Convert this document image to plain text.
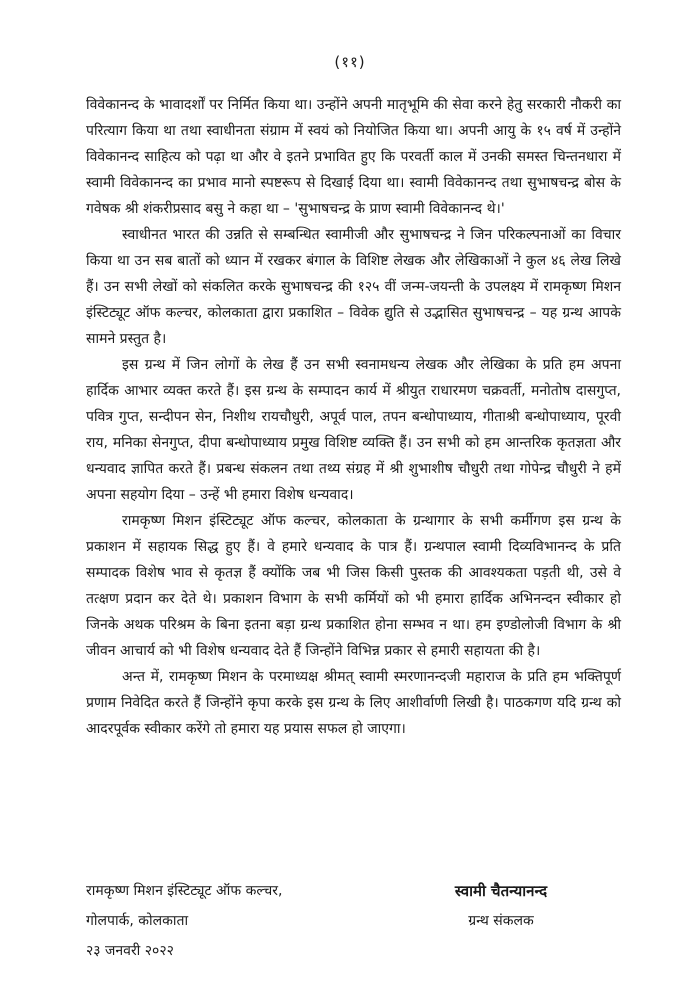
(११)

विवेकानन्द के भावादर्शों पर निर्मित किया था। उन्होंने अपनी मातृभूमि की सेवा करने हेतु सरकारी नौकरी का परित्याग किया था तथा स्वाधीनता संग्राम में स्वयं को नियोजित किया था। अपनी आयु के १५ वर्ष में उन्होंने विवेकानन्द साहित्य को पढ़ा था और वे इतने प्रभावित हुए कि परवर्ती काल में उनकी समस्त चिन्तनधारा में स्वामी विवेकानन्द का प्रभाव मानो स्पष्टरूप से दिखाई दिया था। स्वामी विवेकानन्द तथा सुभाषचन्द्र बोस के गवेषक श्री शंकरीप्रसाद बसु ने कहा था – 'सुभाषचन्द्र के प्राण स्वामी विवेकानन्द थे।'

स्वाधीनत भारत की उन्नति से सम्बन्धित स्वामीजी और सुभाषचन्द्र ने जिन परिकल्पनाओं का विचार किया था उन सब बातों को ध्यान में रखकर बंगाल के विशिष्ट लेखक और लेखिकाओं ने कुल ४६ लेख लिखे हैं। उन सभी लेखों को संकलित करके सुभाषचन्द्र की १२५ वीं जन्म-जयन्ती के उपलक्ष्य में रामकृष्ण मिशन इंस्टिट्यूट ऑफ कल्चर, कोलकाता द्वारा प्रकाशित – विवेक द्युति से उद्भासित सुभाषचन्द्र – यह ग्रन्थ आपके सामने प्रस्तुत है।

इस ग्रन्थ में जिन लोगों के लेख हैं उन सभी स्वनामधन्य लेखक और लेखिका के प्रति हम अपना हार्दिक आभार व्यक्त करते हैं। इस ग्रन्थ के सम्पादन कार्य में श्रीयुत राधारमण चक्रवर्ती, मनोतोष दासगुप्त, पवित्र गुप्त, सन्दीपन सेन, निशीथ रायचौधुरी, अपूर्व पाल, तपन बन्धोपाध्याय, गीताश्री बन्धोपाध्याय, पूरवी राय, मनिका सेनगुप्त, दीपा बन्धोपाध्याय प्रमुख विशिष्ट व्यक्ति हैं। उन सभी को हम आन्तरिक कृतज्ञता और धन्यवाद ज्ञापित करते हैं। प्रबन्ध संकलन तथा तथ्य संग्रह में श्री शुभाशीष चौधुरी तथा गोपेन्द्र चौधुरी ने हमें अपना सहयोग दिया – उन्हें भी हमारा विशेष धन्यवाद।

रामकृष्ण मिशन इंस्टिट्यूट ऑफ कल्चर, कोलकाता के ग्रन्थागार के सभी कर्मीगण इस ग्रन्थ के प्रकाशन में सहायक सिद्ध हुए हैं। वे हमारे धन्यवाद के पात्र हैं। ग्रन्थपाल स्वामी दिव्यविभानन्द के प्रति सम्पादक विशेष भाव से कृतज्ञ हैं क्योंकि जब भी जिस किसी पुस्तक की आवश्यकता पड़ती थी, उसे वे तत्क्षण प्रदान कर देते थे। प्रकाशन विभाग के सभी कर्मियों को भी हमारा हार्दिक अभिनन्दन स्वीकार हो जिनके अथक परिश्रम के बिना इतना बड़ा ग्रन्थ प्रकाशित होना सम्भव न था। हम इण्डोलोजी विभाग के श्री जीवन आचार्य को भी विशेष धन्यवाद देते हैं जिन्होंने विभिन्न प्रकार से हमारी सहायता की है।

अन्त में, रामकृष्ण मिशन के परमाध्यक्ष श्रीमत् स्वामी स्मरणानन्दजी महाराज के प्रति हम भक्तिपूर्ण प्रणाम निवेदित करते हैं जिन्होंने कृपा करके इस ग्रन्थ के लिए आशीर्वाणी लिखी है। पाठकगण यदि ग्रन्थ को आदरपूर्वक स्वीकार करेंगे तो हमारा यह प्रयास सफल हो जाएगा।

रामकृष्ण मिशन इंस्टिट्यूट ऑफ कल्चर,
गोलपार्क, कोलकाता
२३ जनवरी २०२२
स्वामी चैतन्यानन्द
ग्रन्थ संकलक
